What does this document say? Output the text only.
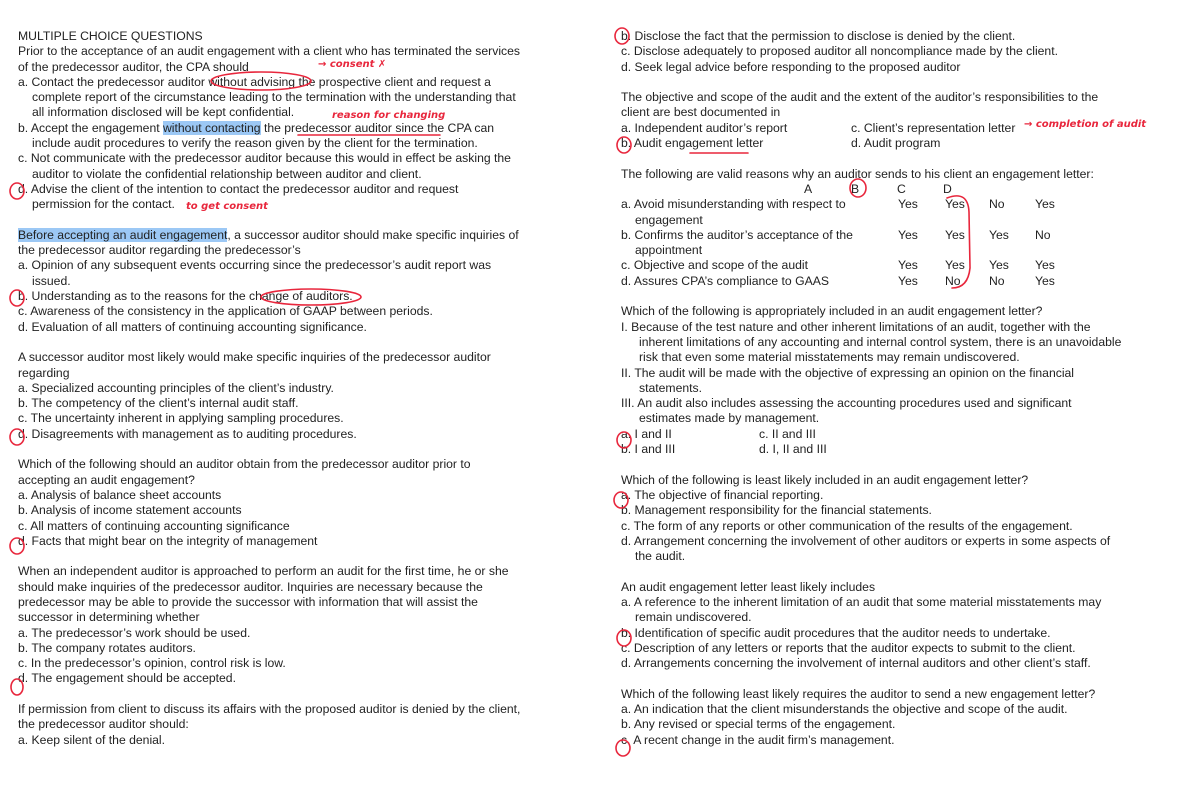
MULTIPLE CHOICE QUESTIONS
Prior to the acceptance of an audit engagement with a client who has terminated the services
of the predecessor auditor, the CPA should
a. Contact the predecessor auditor without advising the prospective client and request a
complete report of the circumstance leading to the termination with the understanding that
all information disclosed will be kept confidential.
b. Accept the engagement without contacting the predecessor auditor since the CPA can
include audit procedures to verify the reason given by the client for the termination.
c. Not communicate with the predecessor auditor because this would in effect be asking the
auditor to violate the confidential relationship between auditor and client.
d. Advise the client of the intention to contact the predecessor auditor and request
permission for the contact.
Before accepting an audit engagement, a successor auditor should make specific inquiries of
the predecessor auditor regarding the predecessor’s
a. Opinion of any subsequent events occurring since the predecessor’s audit report was
issued.
b. Understanding as to the reasons for the change of auditors.
c. Awareness of the consistency in the application of GAAP between periods.
d. Evaluation of all matters of continuing accounting significance.
A successor auditor most likely would make specific inquiries of the predecessor auditor
regarding
a. Specialized accounting principles of the client’s industry.
b. The competency of the client’s internal audit staff.
c. The uncertainty inherent in applying sampling procedures.
d. Disagreements with management as to auditing procedures.
Which of the following should an auditor obtain from the predecessor auditor prior to
accepting an audit engagement?
a. Analysis of balance sheet accounts
b. Analysis of income statement accounts
c. All matters of continuing accounting significance
d. Facts that might bear on the integrity of management
When an independent auditor is approached to perform an audit for the first time, he or she
should make inquiries of the predecessor auditor. Inquiries are necessary because the
predecessor may be able to provide the successor with information that will assist the
successor in determining whether
a. The predecessor’s work should be used.
b. The company rotates auditors.
c. In the predecessor’s opinion, control risk is low.
d. The engagement should be accepted.
If permission from client to discuss its affairs with the proposed auditor is denied by the client,
the predecessor auditor should:
a. Keep silent of the denial.
b. Disclose the fact that the permission to disclose is denied by the client.
c. Disclose adequately to proposed auditor all noncompliance made by the client.
d. Seek legal advice before responding to the proposed auditor
The objective and scope of the audit and the extent of the auditor’s responsibilities to the
client are best documented in
a. Independent auditor’s report	c. Client’s representation letter
b. Audit engagement letter	d. Audit program
The following are valid reasons why an auditor sends to his client an engagement letter:
A	B	C	D
a. Avoid misunderstanding with respect to	Yes Yes No Yes
engagement
b. Confirms the auditor’s acceptance of the	Yes Yes Yes No
appointment
c. Objective and scope of the audit	Yes Yes Yes Yes
d. Assures CPA’s compliance to GAAS	Yes No No Yes
Which of the following is appropriately included in an audit engagement letter?
I. Because of the test nature and other inherent limitations of an audit, together with the
inherent limitations of any accounting and internal control system, there is an unavoidable
risk that even some material misstatements may remain undiscovered.
II. The audit will be made with the objective of expressing an opinion on the financial
statements.
III. An audit also includes assessing the accounting procedures used and significant
estimates made by management.
a. I and II	c. II and III
b. I and III	d. I, II and III
Which of the following is least likely included in an audit engagement letter?
a. The objective of financial reporting.
b. Management responsibility for the financial statements.
c. The form of any reports or other communication of the results of the engagement.
d. Arrangement concerning the involvement of other auditors or experts in some aspects of
the audit.
An audit engagement letter least likely includes
a. A reference to the inherent limitation of an audit that some material misstatements may
remain undiscovered.
b. Identification of specific audit procedures that the auditor needs to undertake.
c. Description of any letters or reports that the auditor expects to submit to the client.
d. Arrangements concerning the involvement of internal auditors and other client’s staff.
Which of the following least likely requires the auditor to send a new engagement letter?
a. An indication that the client misunderstands the objective and scope of the audit.
b. Any revised or special terms of the engagement.
c. A recent change in the audit firm’s management.
→ consent ✗
reason for changing
to get consent
→ completion of audit
